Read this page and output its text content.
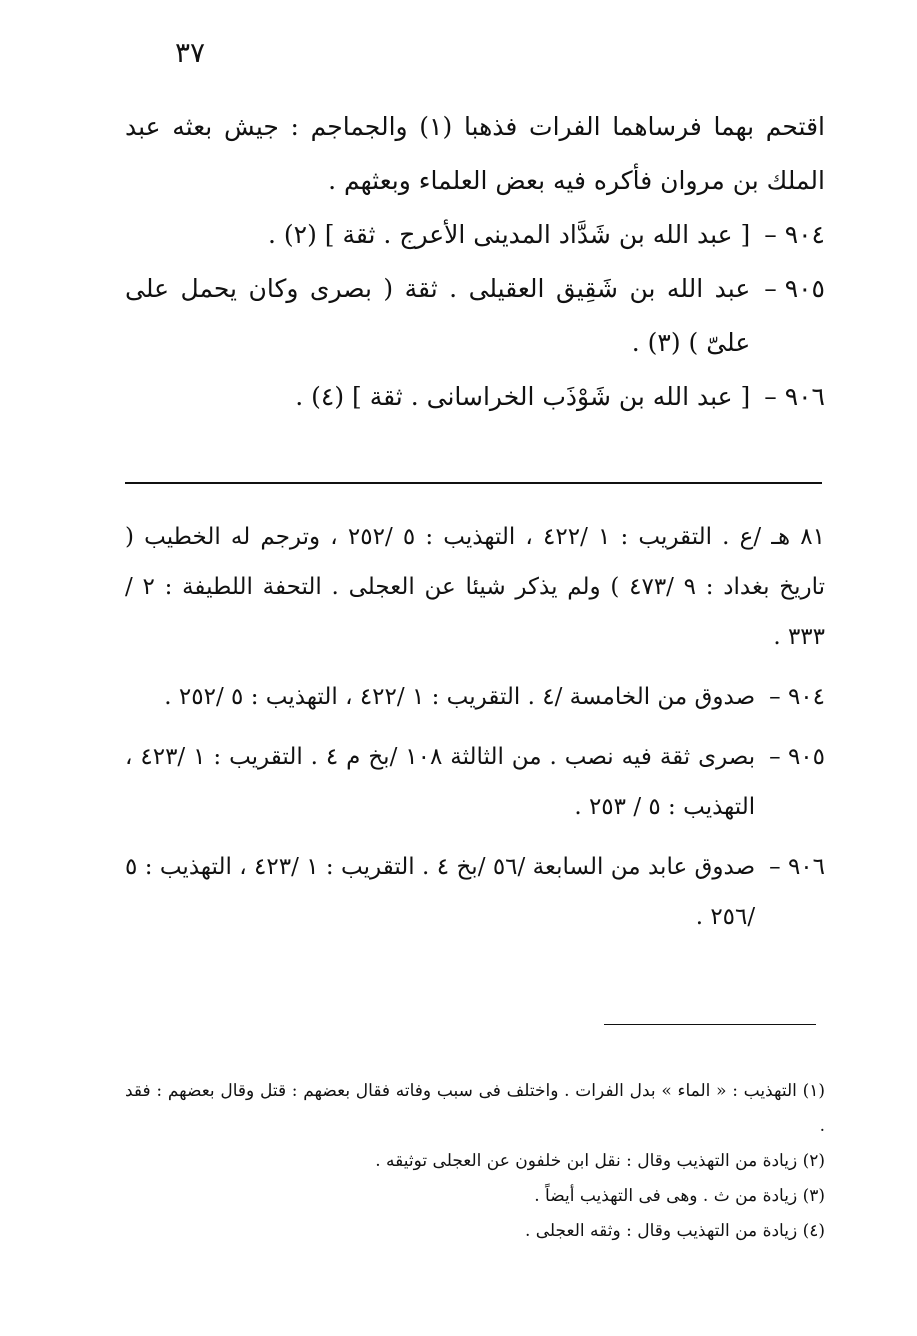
٣٧

اقتحم بهما فرساهما الفرات فذهبا (١) والجماجم : جيش بعثه عبد الملك بن مروان فأكره فيه بعض العلماء وبعثهم .

٩٠٤ –
[ عبد الله بن شَدَّاد المدينى الأعرج . ثقة ] (٢) .
٩٠٥ –
عبد الله بن شَقِيق العقيلى . ثقة ( بصرى وكان يحمل على علىّ ) (٣) .
٩٠٦ –
[ عبد الله بن شَوْذَب الخراسانى . ثقة ] (٤) .

٨١ هـ /ع . التقريب : ١ /٤٢٢ ، التهذيب : ٥ /٢٥٢ ، وترجم له الخطيب ( تاريخ بغداد : ٩ /٤٧٣ ) ولم يذكر شيئا عن العجلى . التحفة اللطيفة : ٢ / ٣٣٣ .

٩٠٤ –
صدوق من الخامسة /٤ . التقريب : ١ /٤٢٢ ، التهذيب : ٥ /٢٥٢ .
٩٠٥ –
بصرى ثقة فيه نصب . من الثالثة ١٠٨ /بخ م ٤ . التقريب : ١ /٤٢٣ ، التهذيب : ٥ / ٢٥٣ .
٩٠٦ –
صدوق عابد من السابعة /٥٦ /بخ ٤ . التقريب : ١ /٤٢٣ ، التهذيب : ٥ /٢٥٦ .

(١) التهذيب : « الماء » بدل الفرات . واختلف فى سبب وفاته فقال بعضهم : قتل وقال بعضهم : فقد .

(٢) زيادة من التهذيب وقال : نقل ابن خلفون عن العجلى توثيقه .

(٣) زيادة من ث . وهى فى التهذيب أيضاً .

(٤) زيادة من التهذيب وقال : وثقه العجلى .
